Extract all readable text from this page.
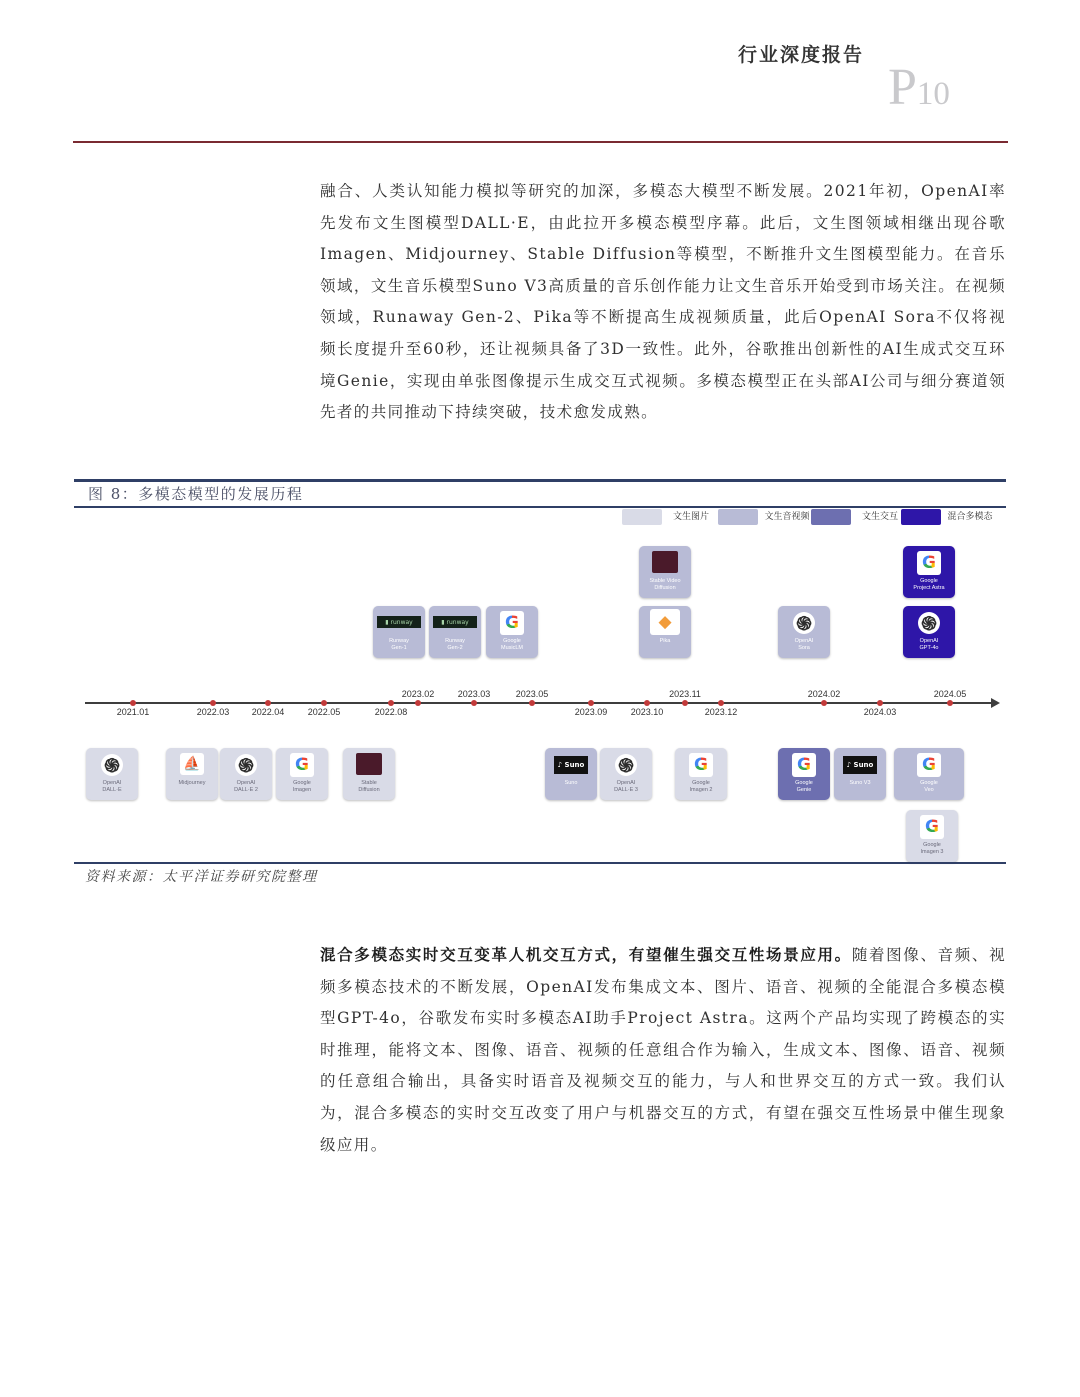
行业深度报告
P10

融合、人类认知能力模拟等研究的加深，多模态大模型不断发展。2021年初，OpenAI率先发布文生图模型DALL·E，由此拉开多模态模型序幕。此后，文生图领域相继出现谷歌Imagen、Midjourney、Stable Diffusion等模型，不断推升文生图模型能力。在音乐领域，文生音乐模型Suno V3高质量的音乐创作能力让文生音乐开始受到市场关注。在视频领域，Runaway Gen-2、Pika等不断提高生成视频质量，此后OpenAI Sora不仅将视频长度提升至60秒，还让视频具备了3D一致性。此外，谷歌推出创新性的AI生成式交互环境Genie，实现由单张图像提示生成交互式视频。多模态模型正在头部AI公司与细分赛道领先者的共同推动下持续突破，技术愈发成熟。

图 8：多模态模型的发展历程
文生图片	文生音视频	文生交互	混合多模态
2021.01	2022.03	2022.04	2022.05	2022.08	2023.09	2023.10	2023.12	2024.03
2023.02	2023.03	2023.05	2023.11	2024.02	2024.05
֍
OpenAI
DALL·E
⛵
Midjourney
֍
OpenAI
DALL·E 2
G
Google
Imagen
Stable
Diffusion
▮ runway
Runway
Gen-1
▮ runway
Runway
Gen-2
G
Google
MusicLM
♪ Suno
Suno
֍
OpenAI
DALL·E 3
Stable Video
Diffusion
◆
Pika
G
Google
Imagen 2
֍
OpenAI
Sora
G
Google
Genie
♪ Suno
Suno V3
G
Google
Project Astra
֍
OpenAI
GPT-4o
G
Google
Veo
G
Google
Imagen 3
资料来源：太平洋证券研究院整理

混合多模态实时交互变革人机交互方式，有望催生强交互性场景应用。随着图像、音频、视频多模态技术的不断发展，OpenAI发布集成文本、图片、语音、视频的全能混合多模态模型GPT-4o，谷歌发布实时多模态AI助手Project Astra。这两个产品均实现了跨模态的实时推理，能将文本、图像、语音、视频的任意组合作为输入，生成文本、图像、语音、视频的任意组合输出，具备实时语音及视频交互的能力，与人和世界交互的方式一致。我们认为，混合多模态的实时交互改变了用户与机器交互的方式，有望在强交互性场景中催生现象级应用。
